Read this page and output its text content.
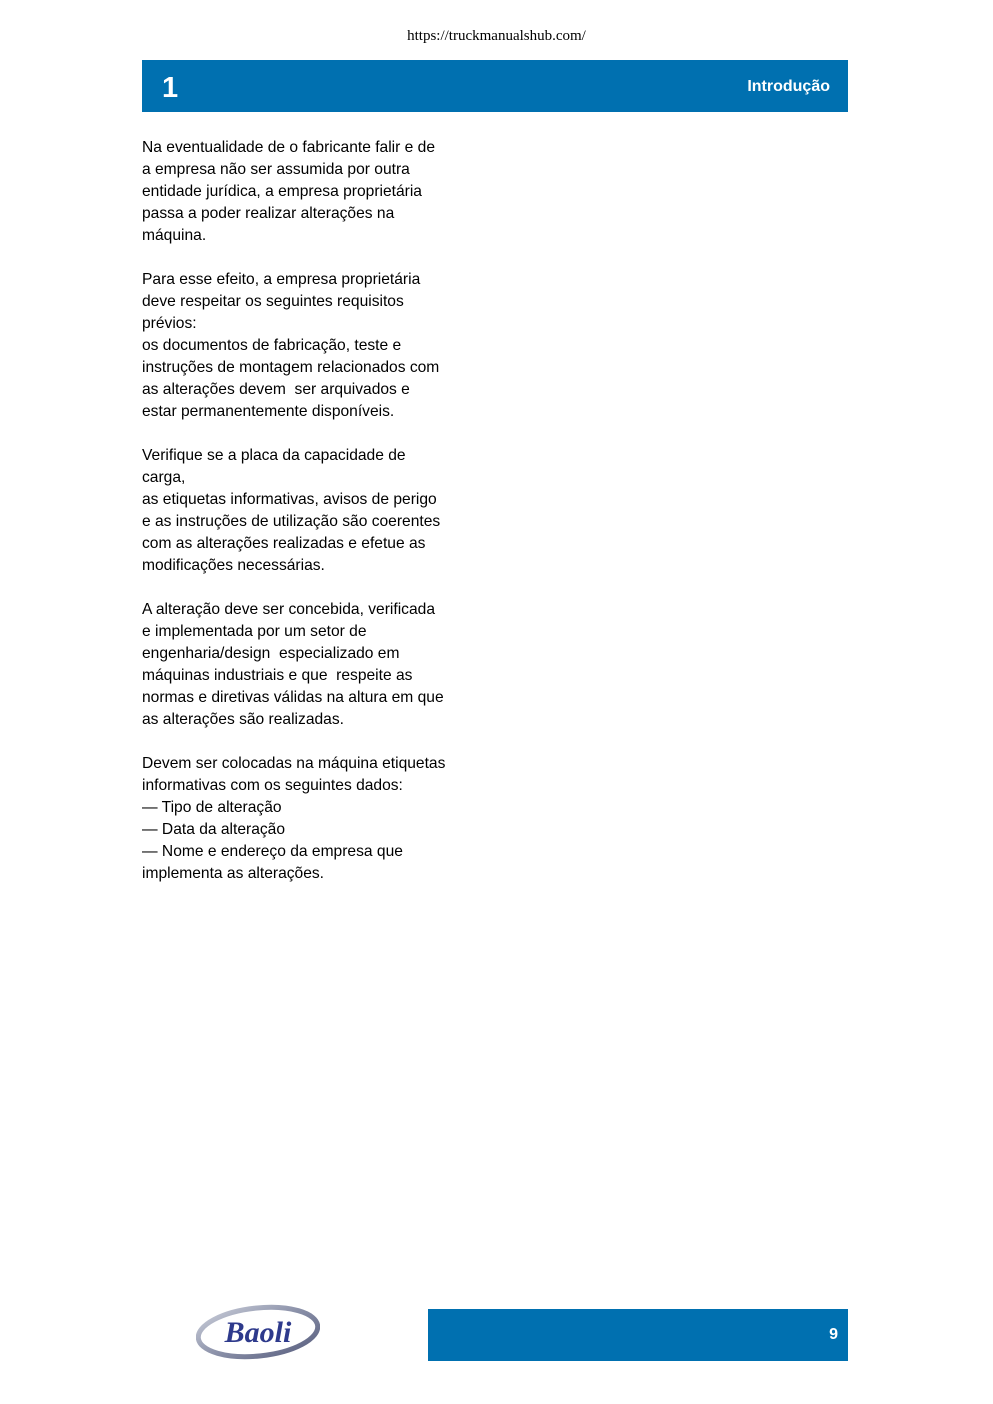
https://truckmanualshub.com/
1	Introdução

Na eventualidade de o fabricante falir e de
a empresa não ser assumida por outra
entidade jurídica, a empresa proprietária
passa a poder realizar alterações na
máquina.

Para esse efeito, a empresa proprietária
deve respeitar os seguintes requisitos
prévios:
os documentos de fabricação, teste e
instruções de montagem relacionados com
as alterações devem  ser arquivados e
estar permanentemente disponíveis.

Verifique se a placa da capacidade de
carga,
as etiquetas informativas, avisos de perigo
e as instruções de utilização são coerentes
com as alterações realizadas e efetue as
modificações necessárias.

A alteração deve ser concebida, verificada
e implementada por um setor de
engenharia/design  especializado em
máquinas industriais e que  respeite as
normas e diretivas válidas na altura em que
as alterações são realizadas.

Devem ser colocadas na máquina etiquetas
informativas com os seguintes dados:
— Tipo de alteração
— Data da alteração
— Nome e endereço da empresa que
implementa as alterações.

Baoli	9
